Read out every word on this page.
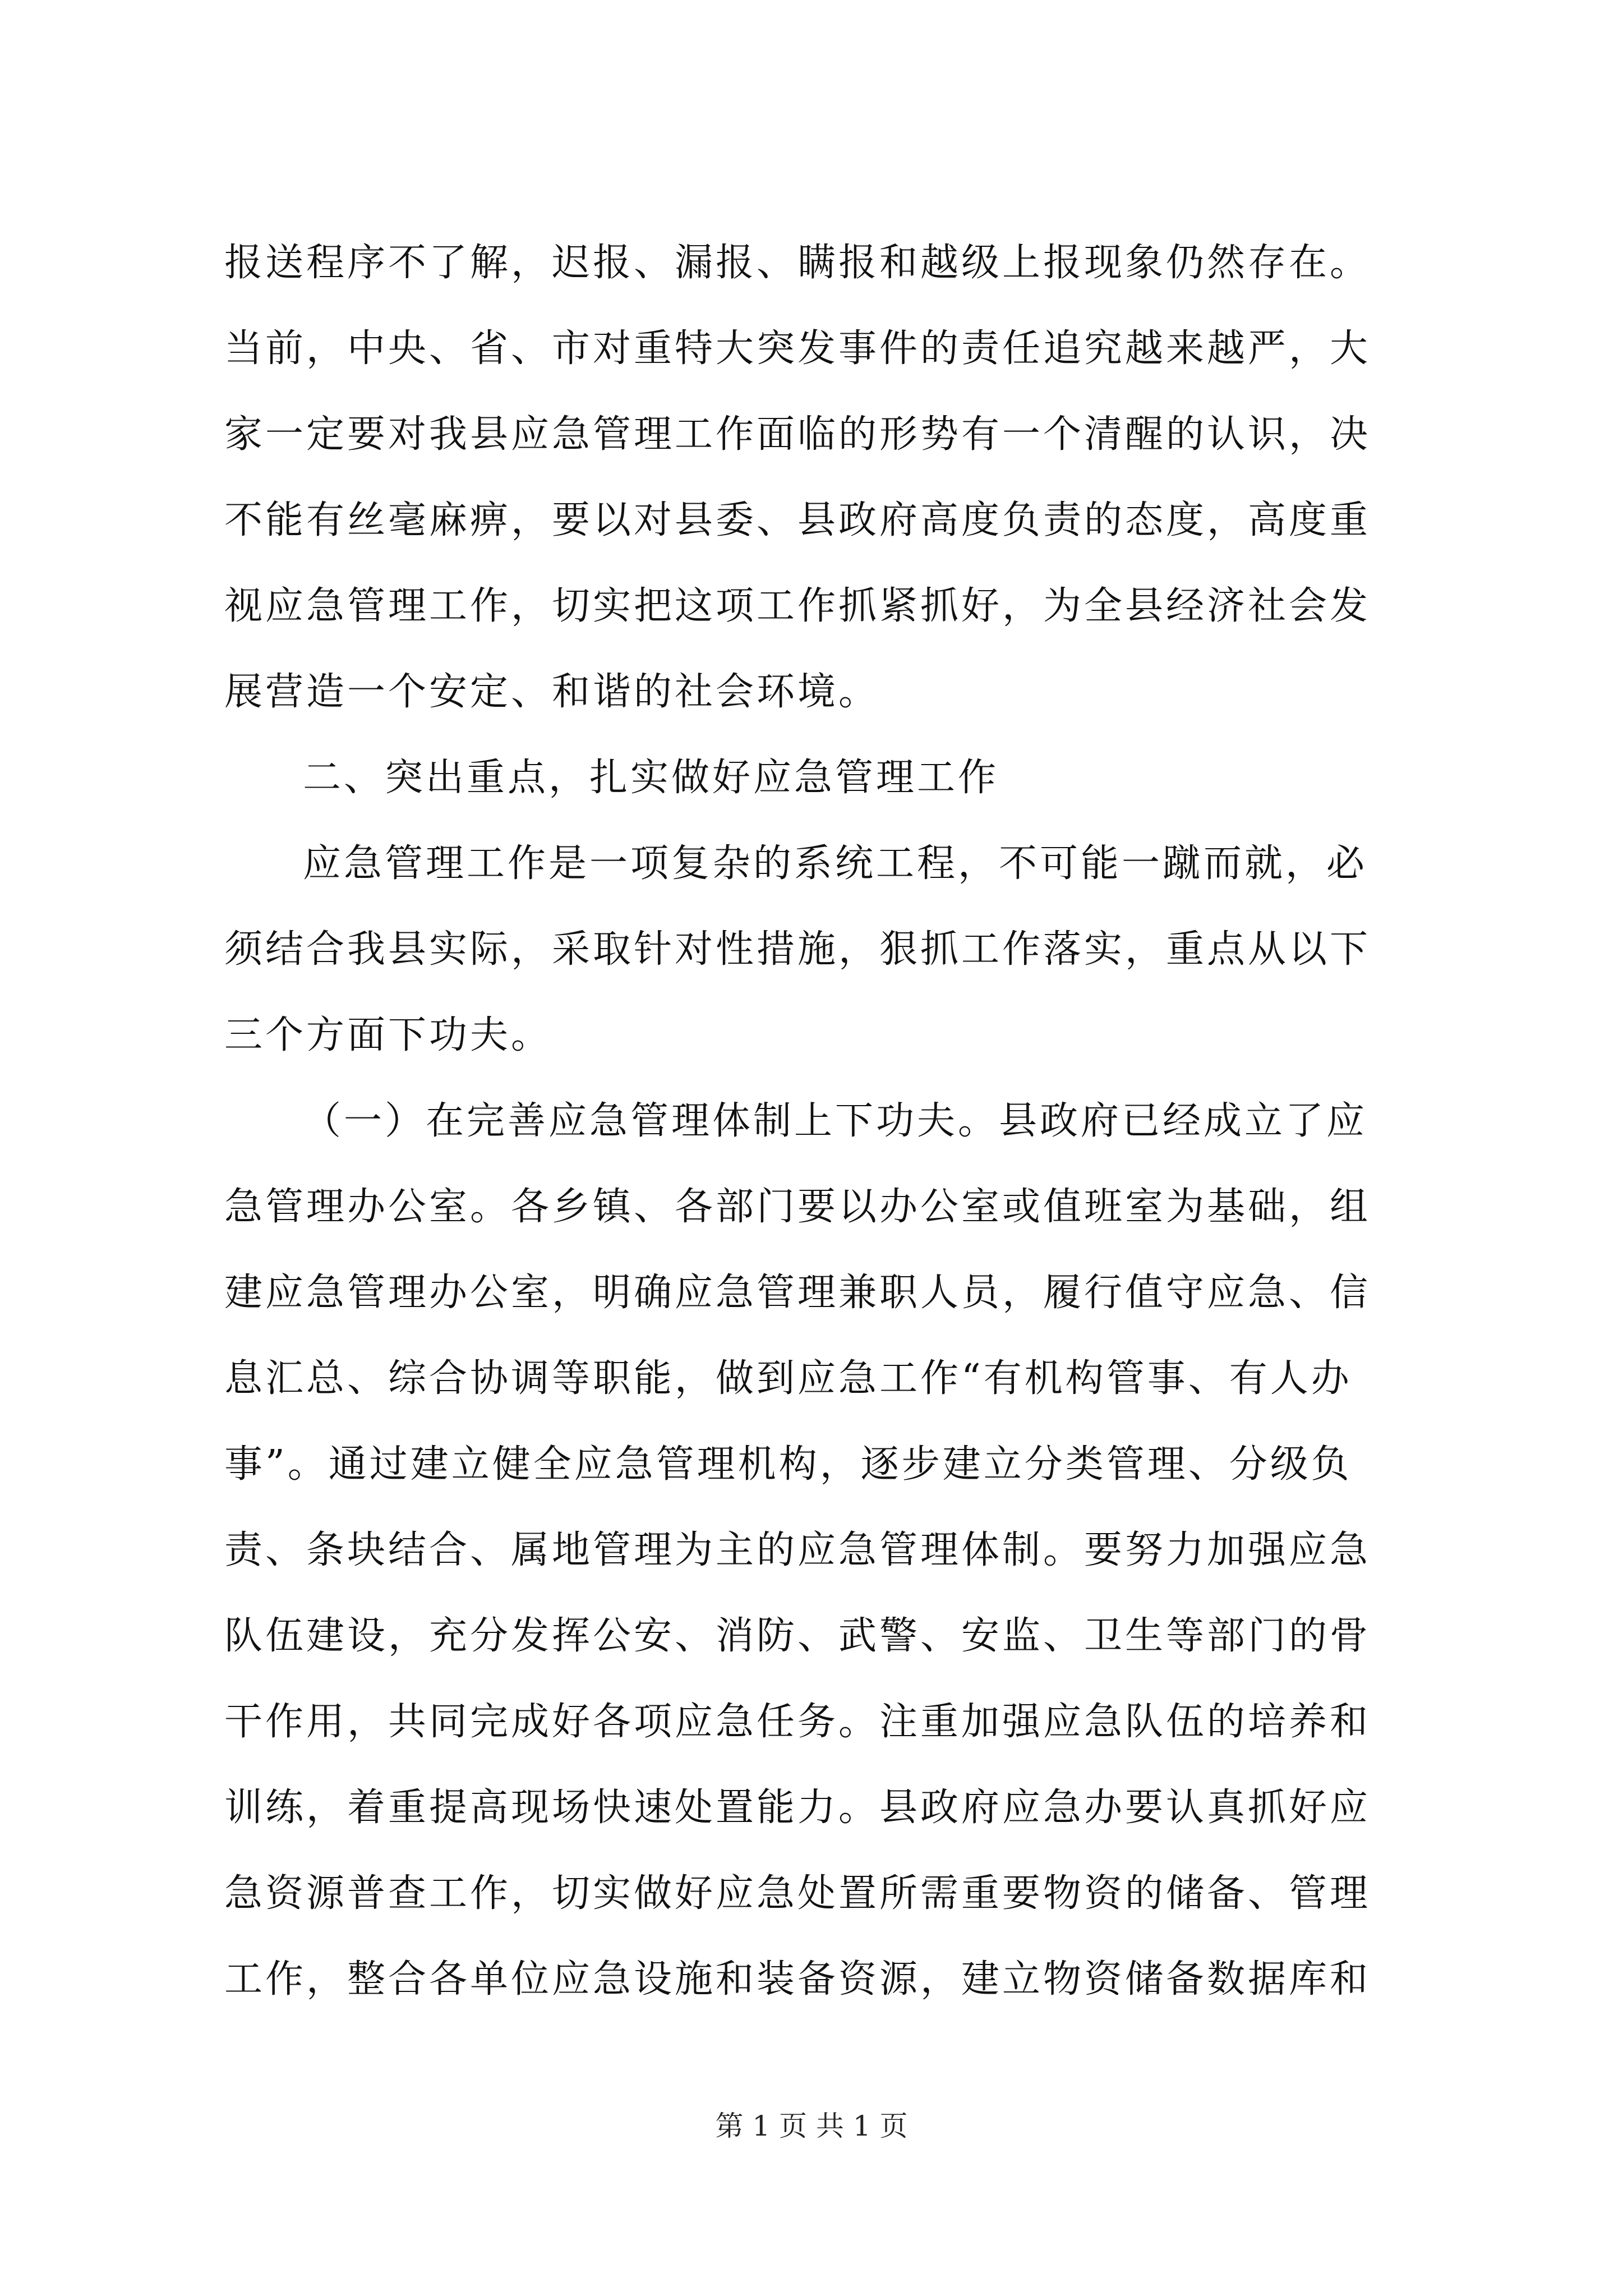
报送程序不了解，迟报、漏报、瞒报和越级上报现象仍然存在。
当前，中央、省、市对重特大突发事件的责任追究越来越严，大
家一定要对我县应急管理工作面临的形势有一个清醒的认识，决
不能有丝毫麻痹，要以对县委、县政府高度负责的态度，高度重
视应急管理工作，切实把这项工作抓紧抓好，为全县经济社会发
展营造一个安定、和谐的社会环境。
二、突出重点，扎实做好应急管理工作
应急管理工作是一项复杂的系统工程，不可能一蹴而就，必
须结合我县实际，采取针对性措施，狠抓工作落实，重点从以下
三个方面下功夫。
（一）在完善应急管理体制上下功夫。县政府已经成立了应
急管理办公室。各乡镇、各部门要以办公室或值班室为基础，组
建应急管理办公室，明确应急管理兼职人员，履行值守应急、信
息汇总、综合协调等职能，做到应急工作“有机构管事、有人办
事”。通过建立健全应急管理机构，逐步建立分类管理、分级负
责、条块结合、属地管理为主的应急管理体制。要努力加强应急
队伍建设，充分发挥公安、消防、武警、安监、卫生等部门的骨
干作用，共同完成好各项应急任务。注重加强应急队伍的培养和
训练，着重提高现场快速处置能力。县政府应急办要认真抓好应
急资源普查工作，切实做好应急处置所需重要物资的储备、管理
工作，整合各单位应急设施和装备资源，建立物资储备数据库和
第 1 页 共 1 页
